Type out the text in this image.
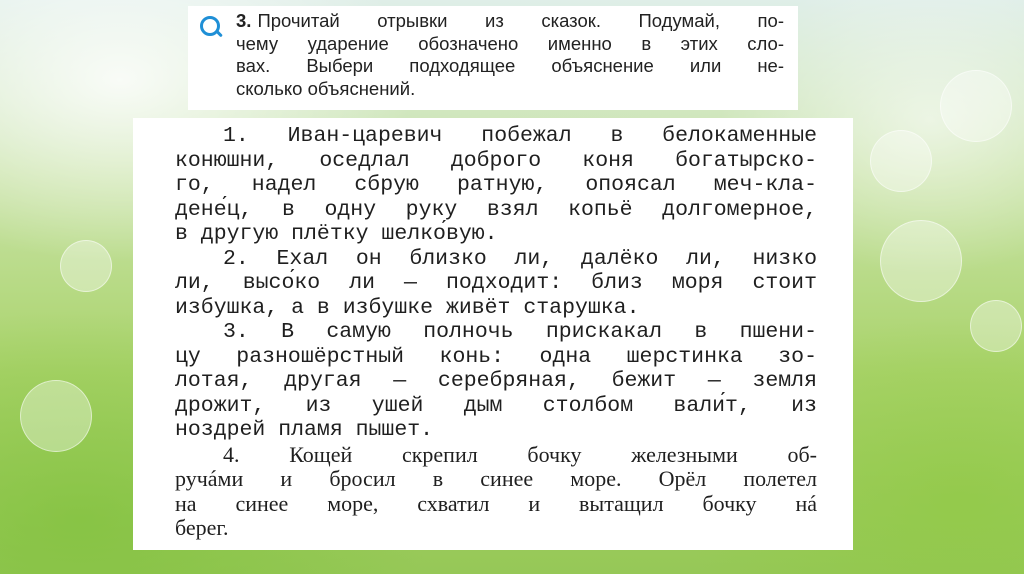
3. Прочитай отрывки из сказок. Подумай, по-
чему ударение обозначено именно в этих сло-
вах. Выбери подходящее объяснение или не-
сколько объяснений.
1. Иван-царевич побежал в белокаменные
конюшни, оседлал доброго коня богатырско-
го, надел сбрую ратную, опоясал меч-кла-
дене́ц, в одну руку взял копьё долгомерное,
в другую плётку шелко́вую.
2. Ехал он близко ли, далёко ли, низко
ли, высо́ко ли — подходит: близ моря стоит
избушка, а в избушке живёт старушка.
3. В самую полночь прискакал в пшени-
цу разношёрстный конь: одна шерстинка зо-
лотая, другая — серебряная, бежит — земля
дрожит, из ушей дым столбом вали́т, из
ноздрей пламя пышет.
4. Кощей скрепил бочку железными об-
ручáми и бросил в синее море. Орёл полетел
на синее море, схватил и вытащил бочку нá
берег.
